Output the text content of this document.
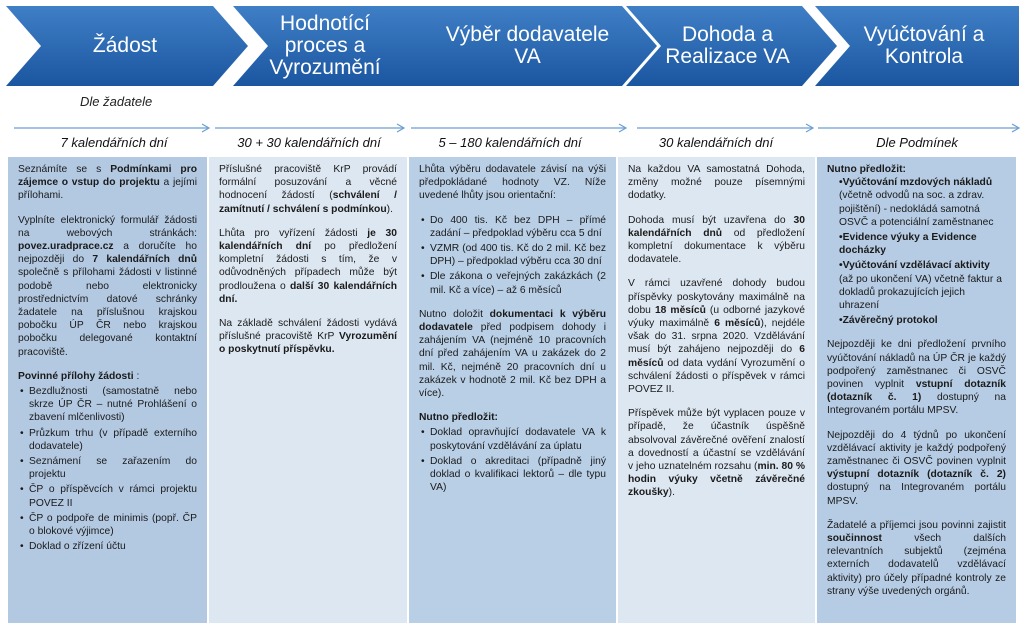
Žádost
Hodnotící proces a Vyrozumění
Výběr dodavatele VA
Dohoda a Realizace VA
Vyúčtování a Kontrola
Dle žadatele
7 kalendářních dní	30 + 30 kalendářních dní	5 – 180 kalendářních dní	30 kalendářních dní	Dle Podmínek

Seznámíte se s Podmínkami pro zájemce o vstup do projektu a jejími přílohami.

Vyplníte elektronický formulář žádosti na webových stránkách: povez.uradprace.cz a doručíte ho nejpozději do 7 kalendářních dnů společně s přílohami žádosti v listinné podobě nebo elektronicky prostřednictvím datové schránky žadatele na příslušnou krajskou pobočku ÚP ČR nebo krajskou pobočku delegované kontaktní pracoviště.

Povinné přílohy žádosti :

• Bezdlužnosti (samostatně nebo skrze ÚP ČR – nutné Prohlášení o zbavení mlčenlivosti)
• Průzkum trhu (v případě externího dodavatele)
• Seznámení se zařazením do projektu
• ČP o příspěvcích v rámci projektu POVEZ II
• ČP o podpoře de minimis (popř. ČP o blokové výjimce)
• Doklad o zřízení účtu

Příslušné pracoviště KrP provádí formální posuzování a věcné hodnocení žádostí (schválení / zamítnutí / schválení s podmínkou).

Lhůta pro vyřízení žádosti je 30 kalendářních dní po předložení kompletní žádosti s tím, že v odůvodněných případech může být prodloužena o další 30 kalendářních dní.

Na základě schválení žádosti vydává příslušné pracoviště KrP Vyrozumění o poskytnutí příspěvku.

Lhůta výběru dodavatele závisí na výši předpokládané hodnoty VZ. Níže uvedené lhůty jsou orientační:

• Do 400 tis. Kč bez DPH – přímé zadání – předpoklad výběru cca 5 dní
• VZMR (od 400 tis. Kč do 2 mil. Kč bez DPH) – předpoklad výběru cca 30 dní
• Dle zákona o veřejných zakázkách (2 mil. Kč a více) – až 6 měsíců

Nutno doložit dokumentaci k výběru dodavatele před podpisem dohody i zahájením VA (nejméně 10 pracovních dní před zahájením VA u zakázek do 2 mil. Kč, nejméně 20 pracovních dní u zakázek v hodnotě 2 mil. Kč bez DPH a více).

Nutno předložit:

• Doklad opravňující dodavatele VA k poskytování vzdělávání za úplatu
• Doklad o akreditaci (případně jiný doklad o kvalifikaci lektorů – dle typu VA)

Na každou VA samostatná Dohoda, změny možné pouze písemnými dodatky.

Dohoda musí být uzavřena do 30 kalendářních dnů od předložení kompletní dokumentace k výběru dodavatele.

V rámci uzavřené dohody budou příspěvky poskytovány maximálně na dobu 18 měsíců (u odborné jazykové výuky maximálně 6 měsíců), nejdéle však do 31. srpna 2020. Vzdělávání musí být zahájeno nejpozději do 6 měsíců od data vydání Vyrozumění o schválení žádosti o příspěvek v rámci POVEZ II.

Příspěvek může být vyplacen pouze v případě, že účastník úspěšně absolvoval závěrečné ověření znalostí a dovedností a účastní se vzdělávání v jeho uznatelném rozsahu (min. 80 % hodin výuky včetně závěrečné zkoušky).

Nutno předložit:

•Vyúčtování mzdových nákladů (včetně odvodů na soc. a zdrav. pojištění) - nedokládá samotná OSVČ a potenciální zaměstnanec
•Evidence výuky a Evidence docházky
•Vyúčtování vzdělávací aktivity (až po ukončení VA) včetně faktur a dokladů prokazujících jejich uhrazení
•Závěrečný protokol

Nejpozději ke dni předložení prvního vyúčtování nákladů na ÚP ČR je každý podpořený zaměstnanec či OSVČ povinen vyplnit vstupní dotazník (dotazník č. 1) dostupný na Integrovaném portálu MPSV.

Nejpozději do 4 týdnů po ukončení vzdělávací aktivity je každý podpořený zaměstnanec či OSVČ povinen vyplnit výstupní dotazník (dotazník č. 2) dostupný na Integrovaném portálu MPSV.

Žadatelé a příjemci jsou povinni zajistit součinnost všech dalších relevantních subjektů (zejména externích dodavatelů vzdělávací aktivity) pro účely případné kontroly ze strany výše uvedených orgánů.
